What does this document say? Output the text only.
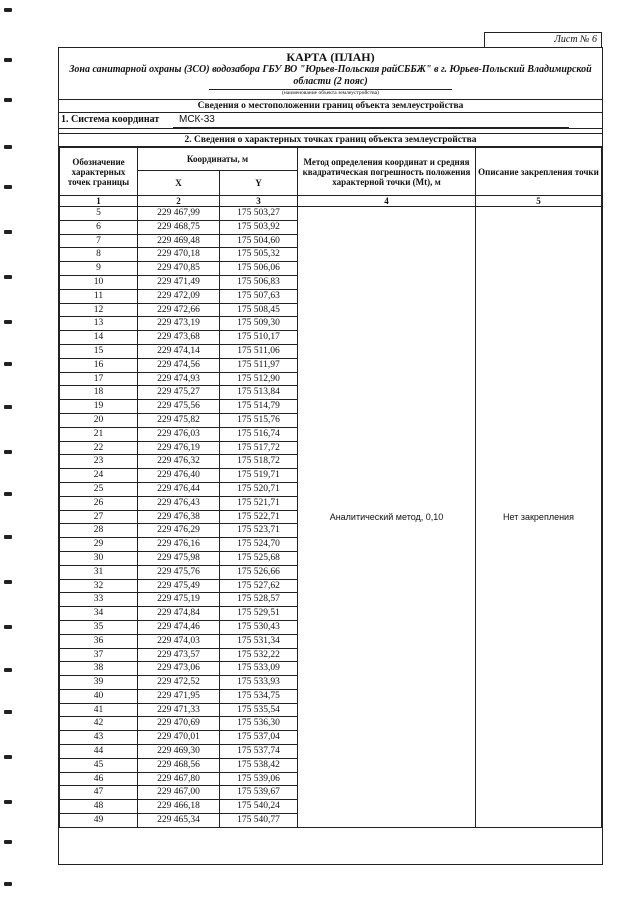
Лист № 6
КАРТА (ПЛАН)
Зона санитарной охраны (ЗСО) водозабора ГБУ ВО "Юрьев-Польская райСББЖ" в г. Юрьев-Польский Владимирской области (2 пояс)
(наименование объекта землеустройства)
Сведения о местоположении границ объекта землеустройства
1. Система координат	МСК-33
2. Сведения о характерных точках границ объекта землеустройства
Обозначение характерных точек границы	Координаты, м		Метод определения координат и средняя квадратическая погрешность положения характерной точки (Mt), м	Описание закрепления точки
	X	Y		
1	2	3	4	5
5	229 467,99	175 503,27	Аналитический метод, 0,10	Нет закрепления
6	229 468,75	175 503,92		
7	229 469,48	175 504,60		
8	229 470,18	175 505,32		
9	229 470,85	175 506,06		
10	229 471,49	175 506,83		
11	229 472,09	175 507,63		
12	229 472,66	175 508,45		
13	229 473,19	175 509,30		
14	229 473,68	175 510,17		
15	229 474,14	175 511,06		
16	229 474,56	175 511,97		
17	229 474,93	175 512,90		
18	229 475,27	175 513,84		
19	229 475,56	175 514,79		
20	229 475,82	175 515,76		
21	229 476,03	175 516,74		
22	229 476,19	175 517,72		
23	229 476,32	175 518,72		
24	229 476,40	175 519,71		
25	229 476,44	175 520,71		
26	229 476,43	175 521,71		
27	229 476,38	175 522,71		
28	229 476,29	175 523,71		
29	229 476,16	175 524,70		
30	229 475,98	175 525,68		
31	229 475,76	175 526,66		
32	229 475,49	175 527,62		
33	229 475,19	175 528,57		
34	229 474,84	175 529,51		
35	229 474,46	175 530,43		
36	229 474,03	175 531,34		
37	229 473,57	175 532,22		
38	229 473,06	175 533,09		
39	229 472,52	175 533,93		
40	229 471,95	175 534,75		
41	229 471,33	175 535,54		
42	229 470,69	175 536,30		
43	229 470,01	175 537,04		
44	229 469,30	175 537,74		
45	229 468,56	175 538,42		
46	229 467,80	175 539,06		
47	229 467,00	175 539,67		
48	229 466,18	175 540,24		
49	229 465,34	175 540,77		
